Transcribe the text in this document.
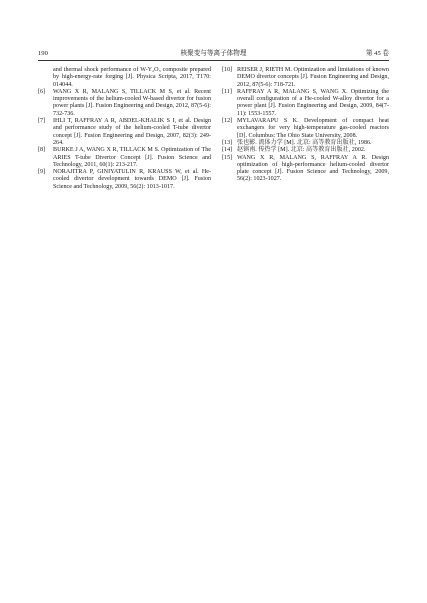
190	核聚变与等离子体物理	第 45 卷
and thermal shock performance of W-Y₂O₃ composite prepared by high-energy-rate forging [J]. Physica Scripta, 2017, T170: 014044.
[6]	WANG X R, MALANG S, TILLACK M S, et al. Recent improvements of the helium-cooled W-based divertor for fusion power plants [J]. Fusion Engineering and Design, 2012, 87(5-6): 732-736.
[7]	IHLI T, RAFFRAY A R, ABDEL-KHALIK S I, et al. Design and performance study of the helium-cooled T-tube divertor concept [J]. Fusion Engineering and Design, 2007, 82(3): 249-264.
[8]	BURKE J A, WANG X R, TILLACK M S. Optimization of The ARIES T-tube Divertor Concept [J]. Fusion Science and Technology, 2011, 60(1): 213-217.
[9]	NORAJITRA P, GINIYATULIN R, KRAUSS W, et al. He-cooled divertor development towards DEMO [J]. Fusion Science and Technology, 2009, 56(2): 1013-1017.
[10] REISER J, RIETH M. Optimization and limitations of known DEMO divertor concepts [J]. Fusion Engineering and Design, 2012, 87(5-6): 718-721.
[11] RAFFRAY A R, MALANG S, WANG X. Optimizing the overall configuration of a He-cooled W-alloy divertor for a power plant [J]. Fusion Engineering and Design, 2009, 84(7-11): 1553-1557.
[12] MYLAVARAPU S K. Development of compact heat exchangers for very high-temperature gas-cooled reactors [D]. Columbus: The Ohio State University, 2008.
[13] 张也影. 流体力学 [M]. 北京: 高等教育出版社, 1986.
[14] 赵镇南. 传热学 [M]. 北京: 高等教育出版社, 2002.
[15] WANG X R, MALANG S, RAFFRAY A R. Design optimization of high-performance helium-cooled divertor plate concept [J]. Fusion Science and Technology, 2009, 56(2): 1023-1027.
